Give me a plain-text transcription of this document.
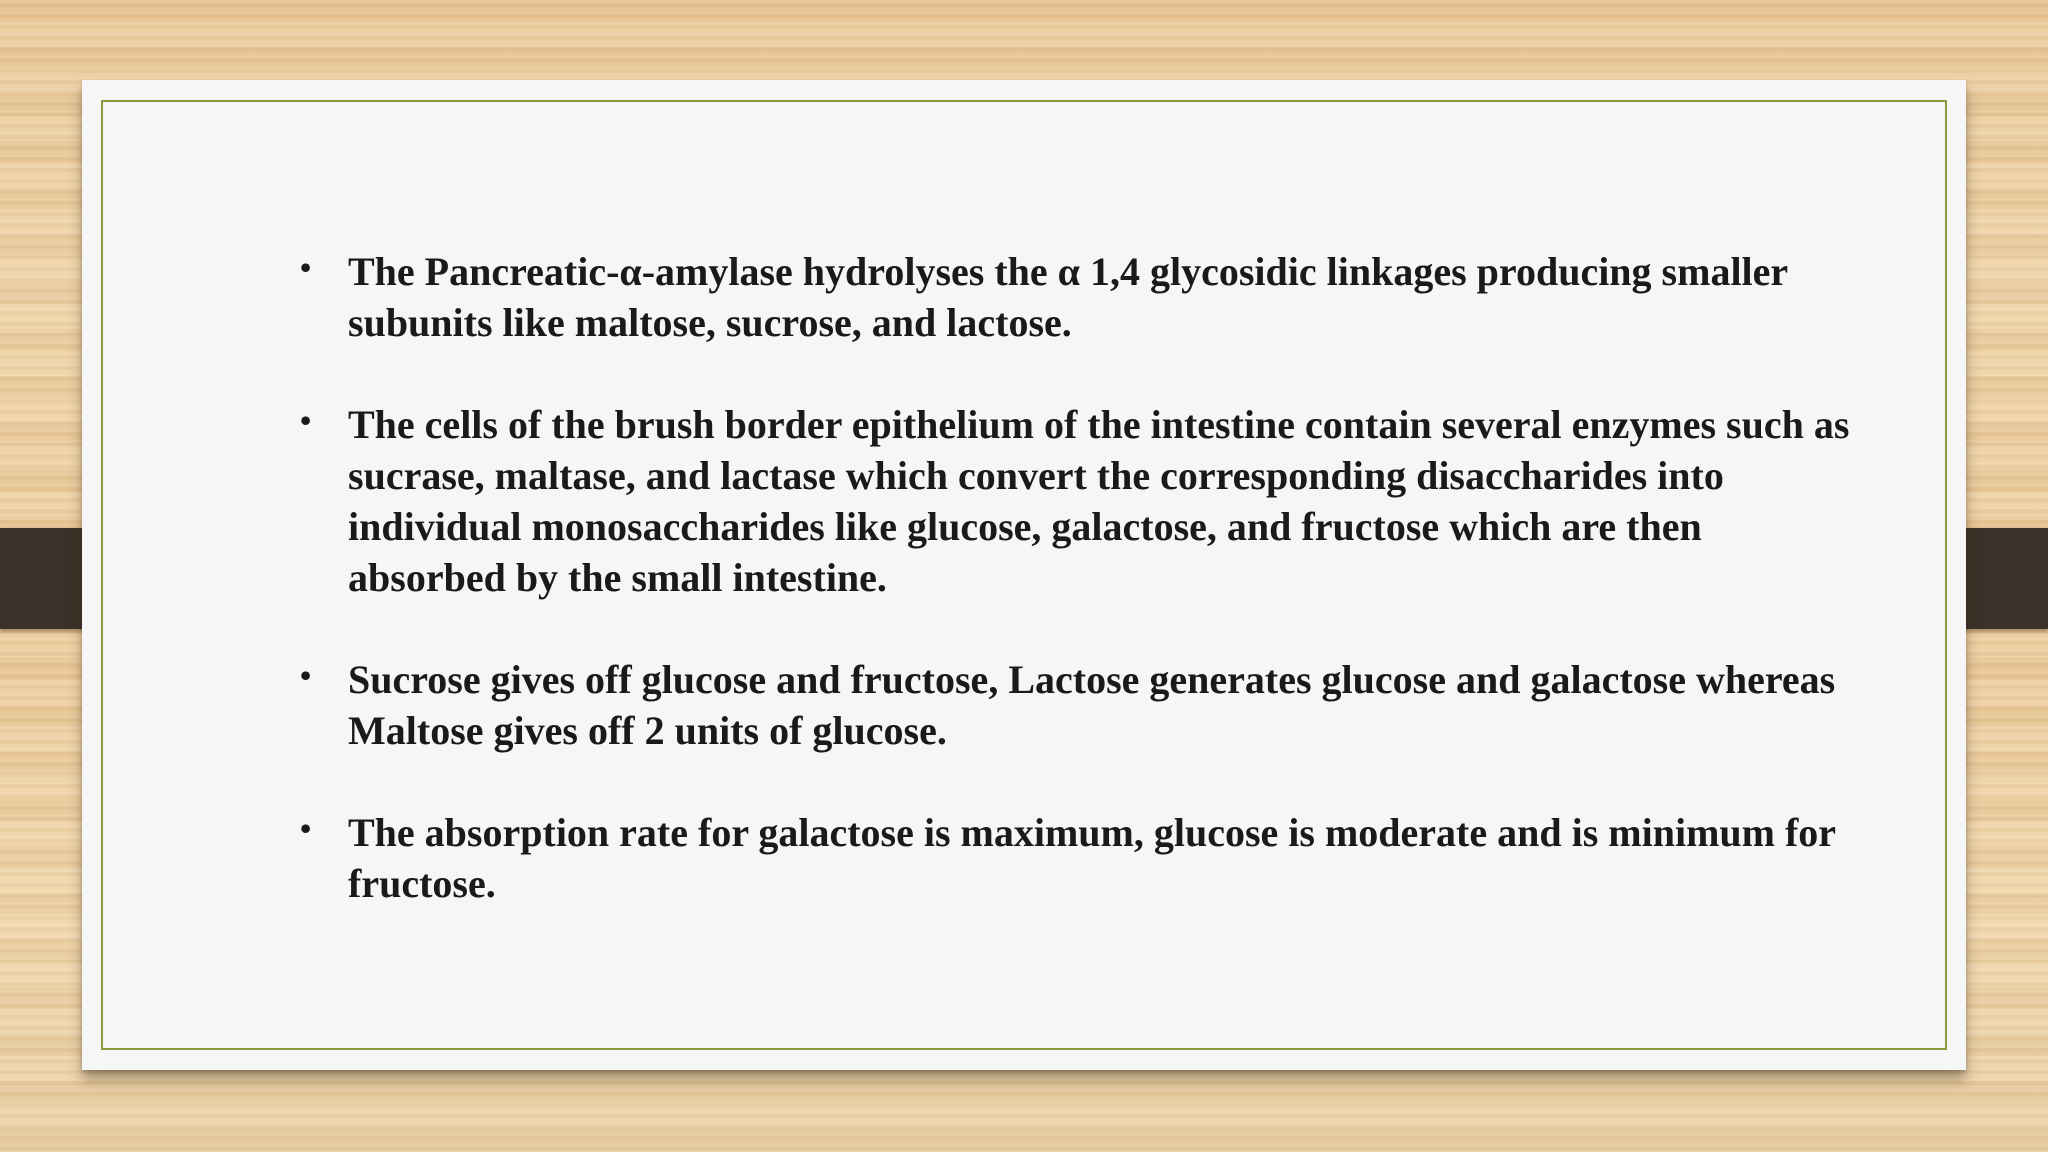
• The Pancreatic-α-amylase hydrolyses the α 1,4 glycosidic linkages producing smaller subunits like maltose, sucrose, and lactose.
• The cells of the brush border epithelium of the intestine contain several enzymes such as sucrase, maltase, and lactase which convert the corresponding disaccharides into individual monosaccharides like glucose, galactose, and fructose which are then absorbed by the small intestine.
• Sucrose gives off glucose and fructose, Lactose generates glucose and galactose whereas Maltose gives off 2 units of glucose.
• The absorption rate for galactose is maximum, glucose is moderate and is minimum for fructose.
